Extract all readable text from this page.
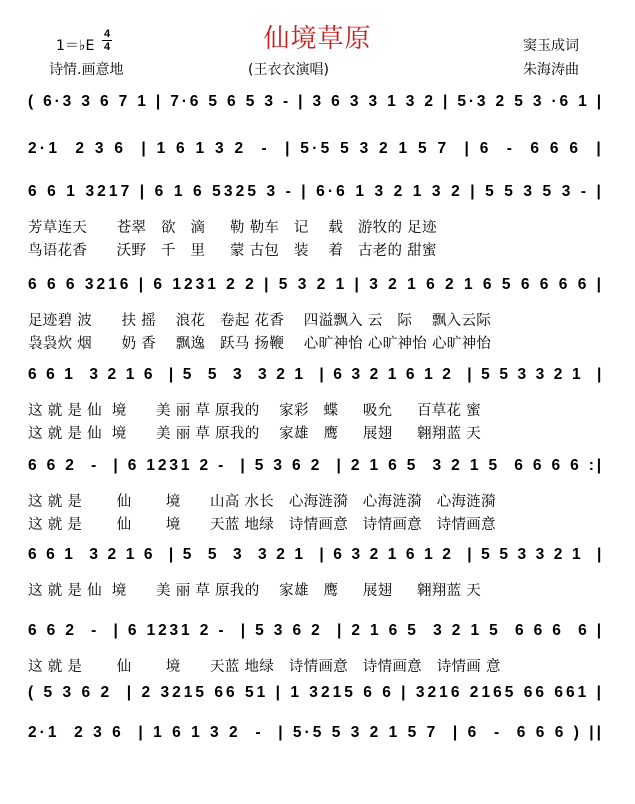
仙境草原
1＝♭E
4
4
诗情.画意地	(王衣衣演唱)
窦玉成词
朱海涛曲
( 6·3 3 6 7 1 | 7·6 5 6 5 3 - | 3 6 3 3 1 3 2 | 5·3 2 5 3 ·6 1 |
2·1  2 3 6  | 1 6 1 3 2  -  | 5·5 5 3 2 1 5 7  | 6  -  6 6 6  |
6 6 1 3217 | 6 1 6 5325 3 - | 6·6 1 3 2 1 3 2 | 5 5 3 5 3 - |
芳草连天      苍翠   欲   滴     勒 勒车   记    载   游牧的 足迹
鸟语花香      沃野   千   里     蒙 古包   装    着   古老的 甜蜜
6 6 6 3216 | 6 1231 2 2 | 5 3 2 1 | 3 2 1 6 2 1 6 5 6 6 6 6 |
足迹碧 波      扶 摇    浪花   卷起 花香    四溢飘入 云   际    飘入云际
袅袅炊 烟      奶 香    飘逸   跃马 扬鞭    心旷神怡 心旷神怡 心旷神怡
6 6 1  3 2 1 6  | 5  5  3  3 2 1  | 6 3 2 1 6 1 2  | 5 5 3 3 2 1  |
这 就 是 仙  境      美 丽 草 原我的    家彩   蝶     吸允     百草花 蜜
这 就 是 仙  境      美 丽 草 原我的    家雄   鹰     展翅     翱翔蓝 天
6 6 2  -  | 6 1231 2 -  | 5 3 6 2  | 2 1 6 5  3 2 1 5  6 6 6 6 :|
这 就 是       仙       境      山高 水长   心海涟漪   心海涟漪   心海涟漪
这 就 是       仙       境      天蓝 地绿   诗情画意   诗情画意   诗情画意
6 6 1  3 2 1 6  | 5  5  3  3 2 1  | 6 3 2 1 6 1 2  | 5 5 3 3 2 1  |
这 就 是 仙  境      美 丽 草 原我的    家雄   鹰     展翅     翱翔蓝 天
6 6 2  -  | 6 1231 2 -  | 5 3 6 2  | 2 1 6 5  3 2 1 5  6 6 6  6 |
这 就 是       仙       境      天蓝 地绿   诗情画意   诗情画意   诗情画 意
( 5 3 6 2  | 2 3215 66 51 | 1 3215 6 6 | 3216 2165 66 661 |
2·1  2 3 6  | 1 6 1 3 2  -  | 5·5 5 3 2 1 5 7  | 6  -  6 6 6 ) ||
